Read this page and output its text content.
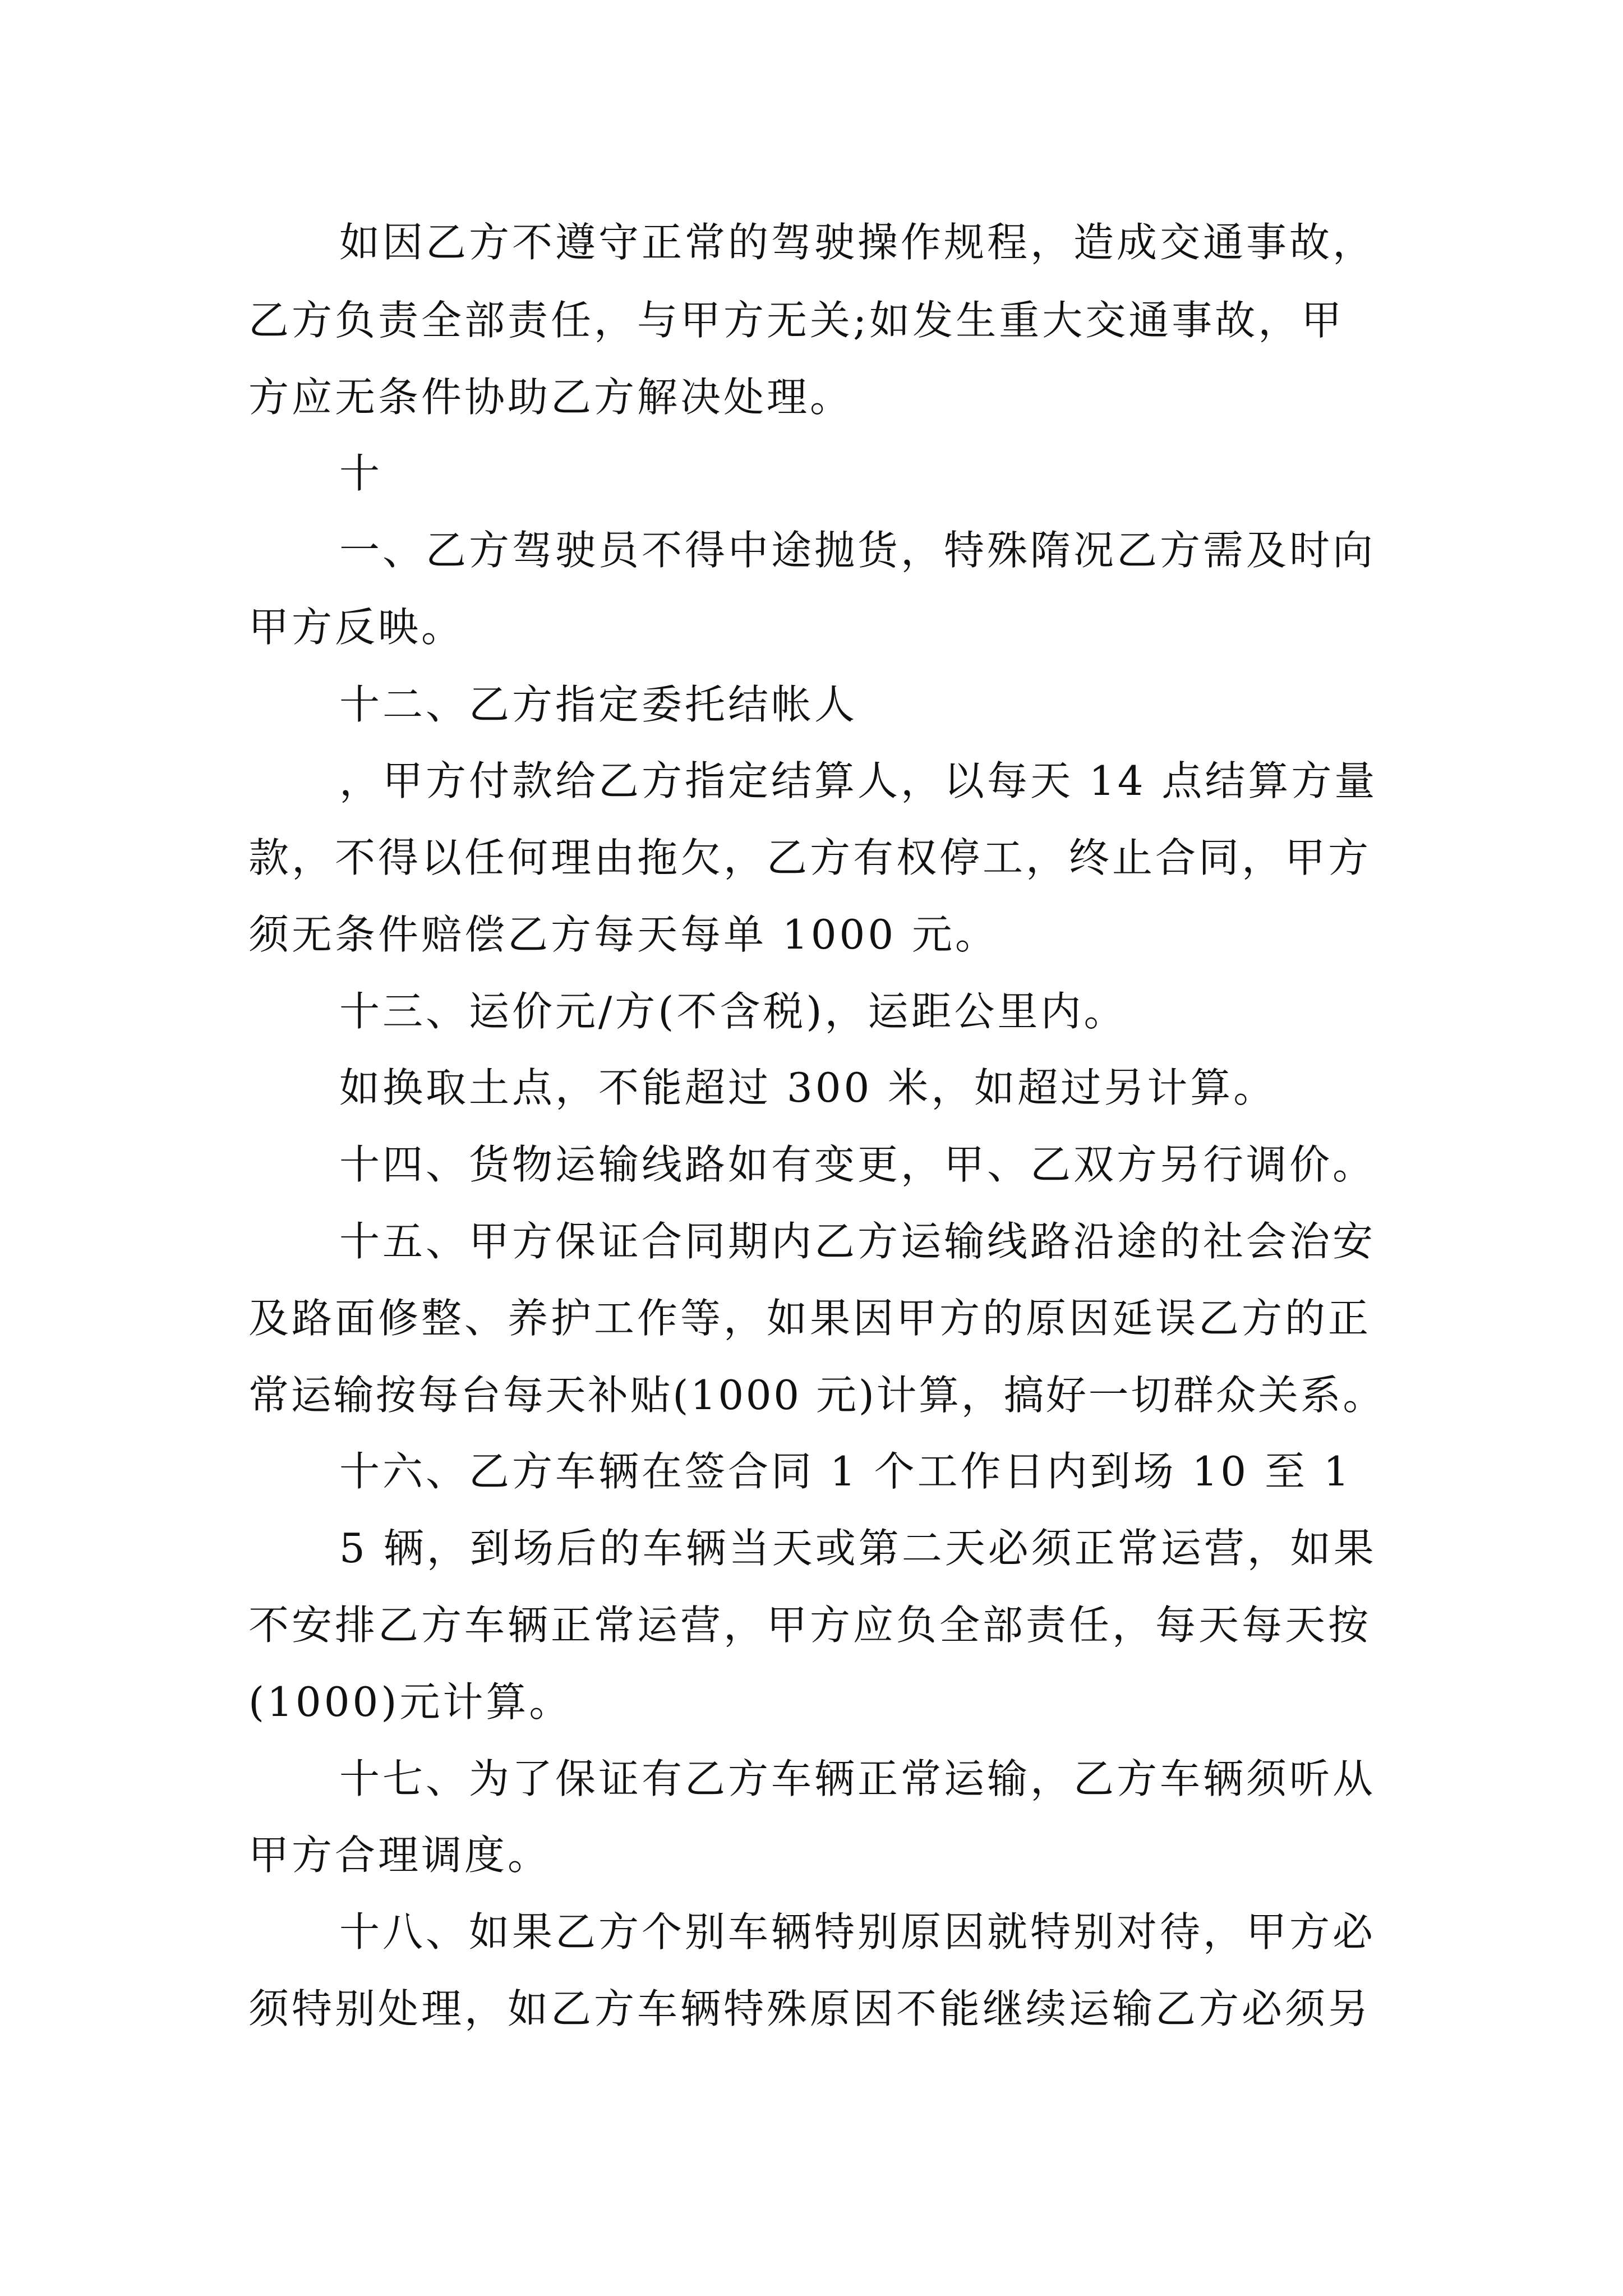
如因乙方不遵守正常的驾驶操作规程，造成交通事故，
乙方负责全部责任，与甲方无关;如发生重大交通事故，甲
方应无条件协助乙方解决处理。
十
一、乙方驾驶员不得中途抛货，特殊隋况乙方需及时向
甲方反映。
十二、乙方指定委托结帐人
，甲方付款给乙方指定结算人，以每天 14 点结算方量
款，不得以任何理由拖欠，乙方有权停工，终止合同，甲方
须无条件赔偿乙方每天每单 1000 元。
十三、运价元/方(不含税)，运距公里内。
如换取土点，不能超过 300 米，如超过另计算。
十四、货物运输线路如有变更，甲、乙双方另行调价。
十五、甲方保证合同期内乙方运输线路沿途的社会治安
及路面修整、养护工作等，如果因甲方的原因延误乙方的正
常运输按每台每天补贴(1000 元)计算，搞好一切群众关系。
十六、乙方车辆在签合同 1 个工作日内到场 10 至 1
5 辆，到场后的车辆当天或第二天必须正常运营，如果
不安排乙方车辆正常运营，甲方应负全部责任，每天每天按
(1000)元计算。
十七、为了保证有乙方车辆正常运输，乙方车辆须听从
甲方合理调度。
十八、如果乙方个别车辆特别原因就特别对待，甲方必
须特别处理，如乙方车辆特殊原因不能继续运输乙方必须另
